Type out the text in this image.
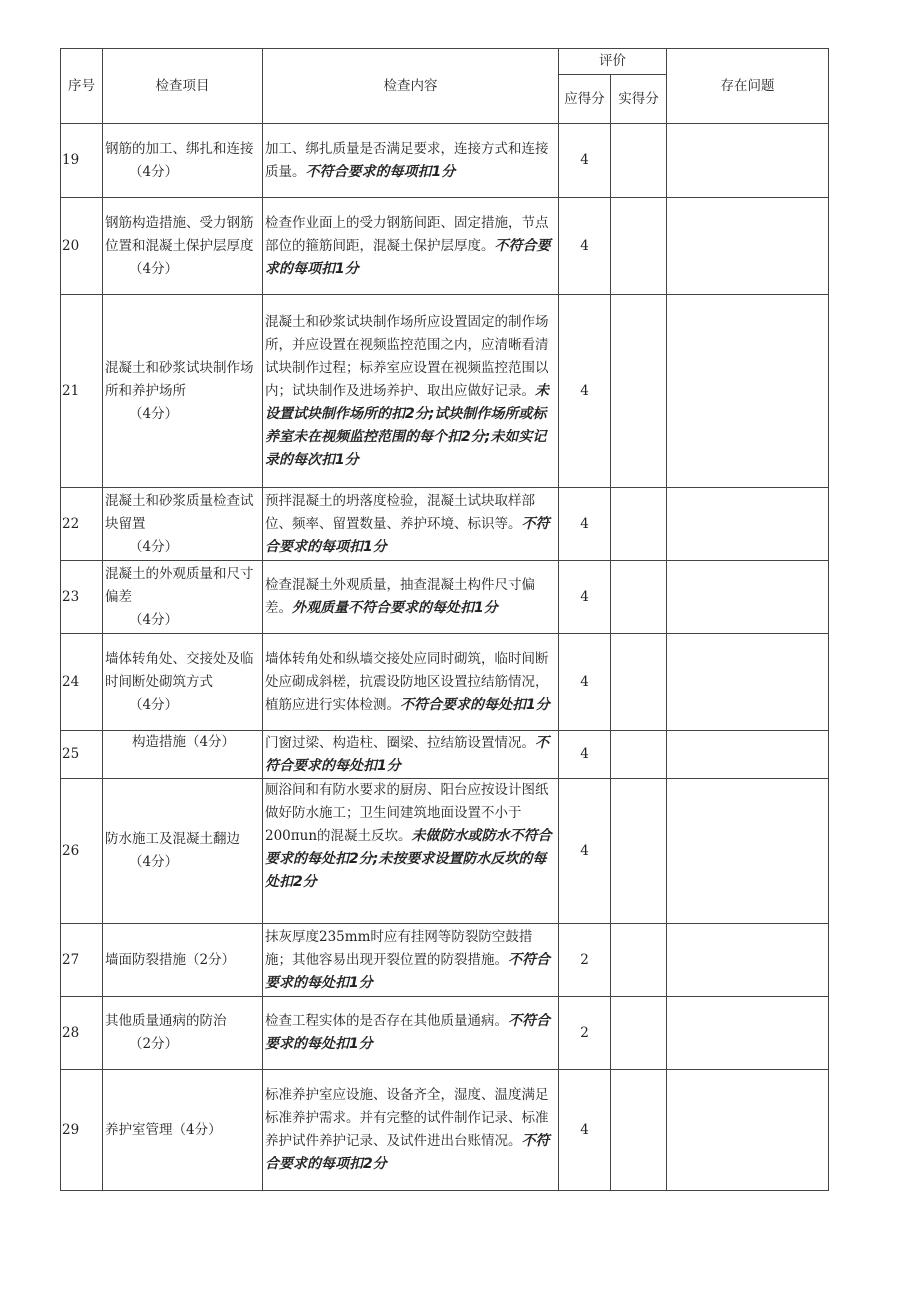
序号	检查项目	检查内容	评价		存在问题
			应得分	实得分	
19	钢筋的加工、绑扎和连接
（4分）	加工、绑扎质量是否满足要求，连接方式和连接质量。不符合要求的每项扣1分	4		
20	钢筋构造措施、受力钢筋位置和混凝土保护层厚度
（4分）	检查作业面上的受力钢筋间距、固定措施，节点部位的箍筋间距，混凝土保护层厚度。不符合要求的每项扣1分	4		
21	混凝土和砂浆试块制作场所和养护场所
（4分）	混凝土和砂浆试块制作场所应设置固定的制作场所，并应设置在视频监控范围之内，应清晰看清试块制作过程；标养室应设置在视频监控范围以内；试块制作及进场养护、取出应做好记录。未设置试块制作场所的扣2分;试块制作场所或标养室未在视频监控范围的每个扣2分;未如实记录的每次扣1分	4		
22	混凝土和砂浆质量检查试块留置
（4分）	预拌混凝土的坍落度检验，混凝土试块取样部位、频率、留置数量、养护环境、标识等。不符合要求的每项扣1分	4		
23	混凝土的外观质量和尺寸偏差
（4分）	检查混凝土外观质量，抽查混凝土构件尺寸偏差。外观质量不符合要求的每处扣1分	4		
24	墙体转角处、交接处及临时间断处砌筑方式
（4分）	墙体转角处和纵墙交接处应同时砌筑，临时间断处应砌成斜槎，抗震设防地区设置拉结筋情况，植筋应进行实体检测。不符合要求的每处扣1分	4		
25	构造措施（4分）	门窗过梁、构造柱、圈梁、拉结筋设置情况。不符合要求的每处扣1分	4		
26	防水施工及混凝土翻边
（4分）	厕浴间和有防水要求的厨房、阳台应按设计图纸做好防水施工；卫生间建筑地面设置不小于200πun的混凝土反坎。未做防水或防水不符合要求的每处扣2分;未按要求设置防水反坎的每处扣2分	4		
27	墙面防裂措施（2分）	抹灰厚度235mm时应有挂网等防裂防空鼓措施；其他容易出现开裂位置的防裂措施。不符合要求的每处扣1分	2		
28	其他质量通病的防治
（2分）	检查工程实体的是否存在其他质量通病。不符合要求的每处扣1分	2		
29	养护室管理（4分）	标准养护室应设施、设备齐全，湿度、温度满足标准养护需求。并有完整的试件制作记录、标准养护试件养护记录、及试件进出台账情况。不符合要求的每项扣2分	4		
